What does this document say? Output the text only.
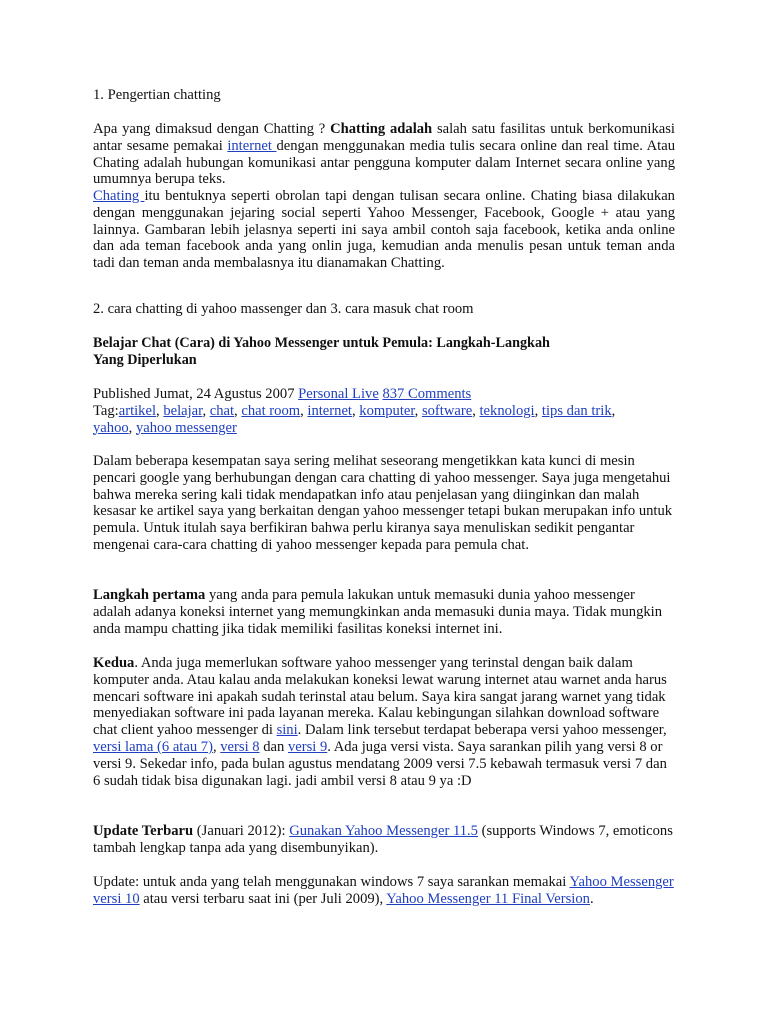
1. Pengertian chatting

Apa yang dimaksud dengan Chatting ? Chatting adalah salah satu fasilitas untuk berkomunikasi antar sesame pemakai internet dengan menggunakan media tulis secara online dan real time. Atau Chating adalah hubungan komunikasi antar pengguna komputer dalam Internet secara online yang umumnya berupa teks.

Chating itu bentuknya seperti obrolan tapi dengan tulisan secara online. Chating biasa dilakukan dengan menggunakan jejaring social seperti Yahoo Messenger, Facebook, Google + atau yang lainnya. Gambaran lebih jelasnya seperti ini saya ambil contoh saja facebook, ketika anda online dan ada teman facebook anda yang onlin juga, kemudian anda menulis pesan untuk teman anda tadi dan teman anda membalasnya itu dianamakan Chatting.

2. cara chatting di yahoo massenger dan 3. cara masuk chat room

Belajar Chat (Cara) di Yahoo Messenger untuk Pemula: Langkah-Langkah
Yang Diperlukan

Published Jumat, 24 Agustus 2007 Personal Live 837 Comments
Tag:artikel, belajar, chat, chat room, internet, komputer, software, teknologi, tips dan trik,
yahoo, yahoo messenger

Dalam beberapa kesempatan saya sering melihat seseorang mengetikkan kata kunci di mesin pencari google yang berhubungan dengan cara chatting di yahoo messenger. Saya juga mengetahui bahwa mereka sering kali tidak mendapatkan info atau penjelasan yang diinginkan dan malah kesasar ke artikel saya yang berkaitan dengan yahoo messenger tetapi bukan merupakan info untuk pemula. Untuk itulah saya berfikiran bahwa perlu kiranya saya menuliskan sedikit pengantar mengenai cara-cara chatting di yahoo messenger kepada para pemula chat.

Langkah pertama yang anda para pemula lakukan untuk memasuki dunia yahoo messenger adalah adanya koneksi internet yang memungkinkan anda memasuki dunia maya. Tidak mungkin anda mampu chatting jika tidak memiliki fasilitas koneksi internet ini.

Kedua. Anda juga memerlukan software yahoo messenger yang terinstal dengan baik dalam komputer anda. Atau kalau anda melakukan koneksi lewat warung internet atau warnet anda harus mencari software ini apakah sudah terinstal atau belum. Saya kira sangat jarang warnet yang tidak menyediakan software ini pada layanan mereka. Kalau kebingungan silahkan download software chat client yahoo messenger di sini. Dalam link tersebut terdapat beberapa versi yahoo messenger, versi lama (6 atau 7), versi 8 dan versi 9. Ada juga versi vista. Saya sarankan pilih yang versi 8 or versi 9. Sekedar info, pada bulan agustus mendatang 2009 versi 7.5 kebawah termasuk versi 7 dan 6 sudah tidak bisa digunakan lagi. jadi ambil versi 8 atau 9 ya :D

Update Terbaru (Januari 2012): Gunakan Yahoo Messenger 11.5 (supports Windows 7, emoticons tambah lengkap tanpa ada yang disembunyikan).

Update: untuk anda yang telah menggunakan windows 7 saya sarankan memakai Yahoo Messenger versi 10 atau versi terbaru saat ini (per Juli 2009), Yahoo Messenger 11 Final Version.
